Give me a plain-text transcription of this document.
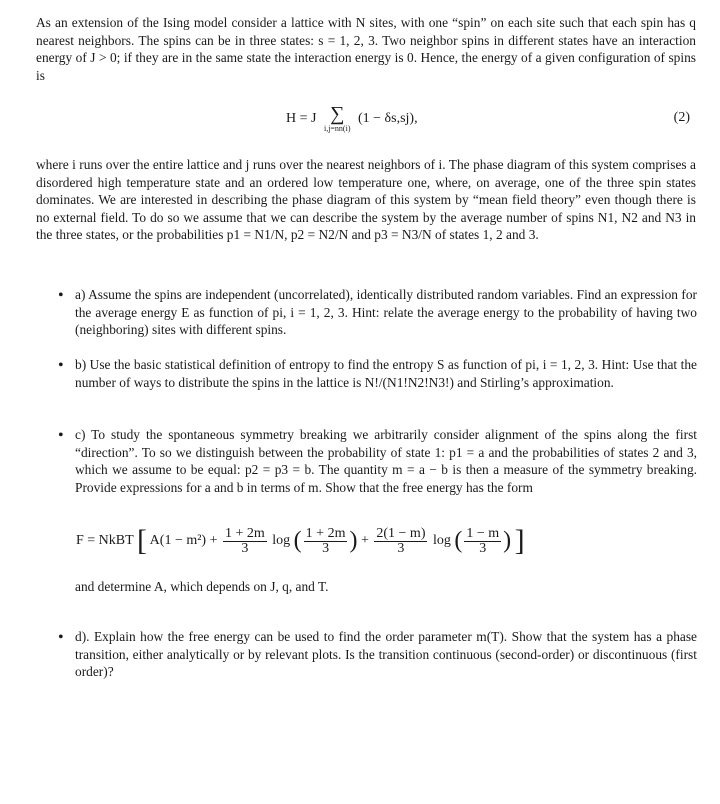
As an extension of the Ising model consider a lattice with N sites, with one “spin” on each site such that each spin has q nearest neighbors. The spins can be in three states: s = 1, 2, 3. Two neighbor spins in different states have an interaction energy of J > 0; if they are in the same state the interaction energy is 0. Hence, the energy of a given configuration of spins is
H = J ∑
i,j=nn(i)
(1 − δs,sj),	(2)
where i runs over the entire lattice and j runs over the nearest neighbors of i. The phase diagram of this system comprises a disordered high temperature state and an ordered low temperature one, where, on average, one of the three spin states dominates. We are interested in describing the phase diagram of this system by “mean field theory” even though there is no external field. To do so we assume that we can describe the system by the average number of spins N1, N2 and N3 in the three states, or the probabilities p1 = N1/N, p2 = N2/N and p3 = N3/N of states 1, 2 and 3.
• a) Assume the spins are independent (uncorrelated), identically distributed random variables. Find an expression for the average energy E as function of pi, i = 1, 2, 3. Hint: relate the average energy to the probability of having two (neighboring) sites with different spins.
• b) Use the basic statistical definition of entropy to find the entropy S as function of pi, i = 1, 2, 3. Hint: Use that the number of ways to distribute the spins in the lattice is N!/(N1!N2!N3!) and Stirling’s approximation.
• c) To study the spontaneous symmetry breaking we arbitrarily consider alignment of the spins along the first “direction”. To so we distinguish between the probability of state 1: p1 = a and the probabilities of states 2 and 3, which we assume to be equal: p2 = p3 = b. The quantity m = a − b is then a measure of the symmetry breaking. Provide expressions for a and b in terms of m. Show that the free energy has the form
F = NkBT [ $A(1 - m^2) + \frac{1 + 2m}{3}$ log ( $\frac{1 + 2m}{3}$ ) + $\frac{2(1 - m)}{3}$ log ( $\frac{1 - m}{3}$ ) ]
and determine A, which depends on J, q, and T.
• d). Explain how the free energy can be used to find the order parameter m(T). Show that the system has a phase transition, either analytically or by relevant plots. Is the transition continuous (second-order) or discontinuous (first order)?
